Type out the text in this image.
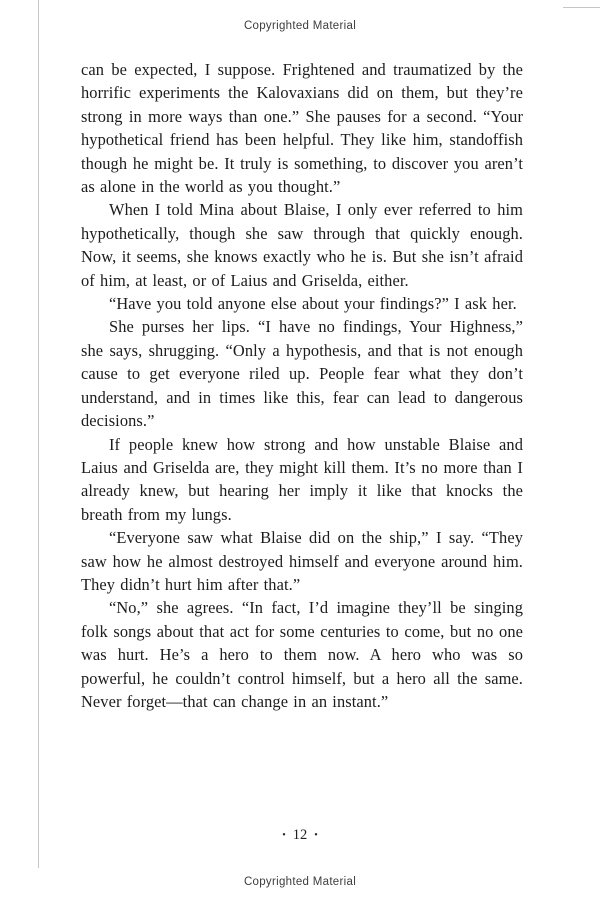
Copyrighted Material

can be expected, I suppose. Frightened and traumatized by the horrific experiments the Kalovaxians did on them, but they’re strong in more ways than one.” She pauses for a second. “Your hypothetical friend has been helpful. They like him, standoffish though he might be. It truly is something, to discover you aren’t as alone in the world as you thought.”

When I told Mina about Blaise, I only ever referred to him hypothetically, though she saw through that quickly enough. Now, it seems, she knows exactly who he is. But she isn’t afraid of him, at least, or of Laius and Griselda, either.

“Have you told anyone else about your findings?” I ask her.

She purses her lips. “I have no findings, Your Highness,” she says, shrugging. “Only a hypothesis, and that is not enough cause to get everyone riled up. People fear what they don’t understand, and in times like this, fear can lead to dangerous decisions.”

If people knew how strong and how unstable Blaise and Laius and Griselda are, they might kill them. It’s no more than I already knew, but hearing her imply it like that knocks the breath from my lungs.

“Everyone saw what Blaise did on the ship,” I say. “They saw how he almost destroyed himself and everyone around him. They didn’t hurt him after that.”

“No,” she agrees. “In fact, I’d imagine they’ll be singing folk songs about that act for some centuries to come, but no one was hurt. He’s a hero to them now. A hero who was so powerful, he couldn’t control himself, but a hero all the same. Never forget—that can change in an instant.”

• 12 •
Copyrighted Material
